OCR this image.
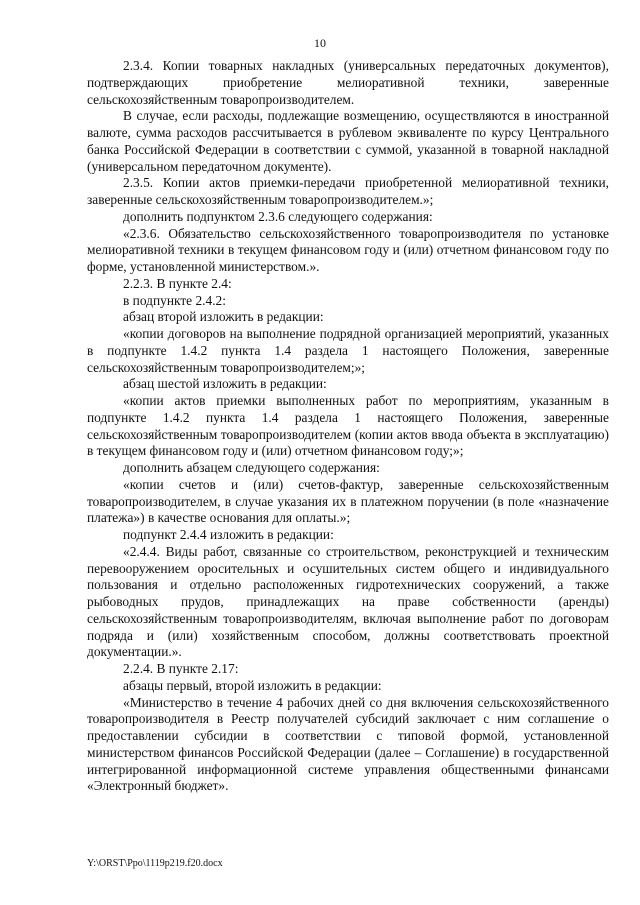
10

2.3.4. Копии товарных накладных (универсальных передаточных документов), подтверждающих приобретение мелиоративной техники, заверенные сельскохозяйственным товаропроизводителем.

В случае, если расходы, подлежащие возмещению, осуществляются в иностранной валюте, сумма расходов рассчитывается в рублевом эквиваленте по курсу Центрального банка Российской Федерации в соответствии с суммой, указанной в товарной накладной (универсальном передаточном документе).

2.3.5. Копии актов приемки-передачи приобретенной мелиоративной техники, заверенные сельскохозяйственным товаропроизводителем.»;

дополнить подпунктом 2.3.6 следующего содержания:

«2.3.6. Обязательство сельскохозяйственного товаропроизводителя по установке мелиоративной техники в текущем финансовом году и (или) отчетном финансовом году по форме, установленной министерством.».

2.2.3. В пункте 2.4:

в подпункте 2.4.2:

абзац второй изложить в редакции:

«копии договоров на выполнение подрядной организацией мероприятий, указанных в подпункте 1.4.2 пункта 1.4 раздела 1 настоящего Положения, заверенные сельскохозяйственным товаропроизводителем;»;

абзац шестой изложить в редакции:

«копии актов приемки выполненных работ по мероприятиям, указанным в подпункте 1.4.2 пункта 1.4 раздела 1 настоящего Положения, заверенные сельскохозяйственным товаропроизводителем (копии актов ввода объекта в эксплуатацию) в текущем финансовом году и (или) отчетном финансовом году;»;

дополнить абзацем следующего содержания:

«копии счетов и (или) счетов-фактур, заверенные сельскохозяйственным товаропроизводителем, в случае указания их в платежном поручении (в поле «назначение платежа») в качестве основания для оплаты.»;

подпункт 2.4.4 изложить в редакции:

«2.4.4. Виды работ, связанные со строительством, реконструкцией и техническим перевооружением оросительных и осушительных систем общего и индивидуального пользования и отдельно расположенных гидротехнических сооружений, а также рыбоводных прудов, принадлежащих на праве собственности (аренды) сельскохозяйственным товаропроизводителям, включая выполнение работ по договорам подряда и (или) хозяйственным способом, должны соответствовать проектной документации.».

2.2.4. В пункте 2.17:

абзацы первый, второй изложить в редакции:

«Министерство в течение 4 рабочих дней со дня включения сельскохозяйственного товаропроизводителя в Реестр получателей субсидий заключает с ним соглашение о предоставлении субсидии в соответствии с типовой формой, установленной министерством финансов Российской Федерации (далее – Соглашение) в государственной интегрированной информационной системе управления общественными финансами «Электронный бюджет».

Y:\ORST\Ppo\1119p219.f20.docx
